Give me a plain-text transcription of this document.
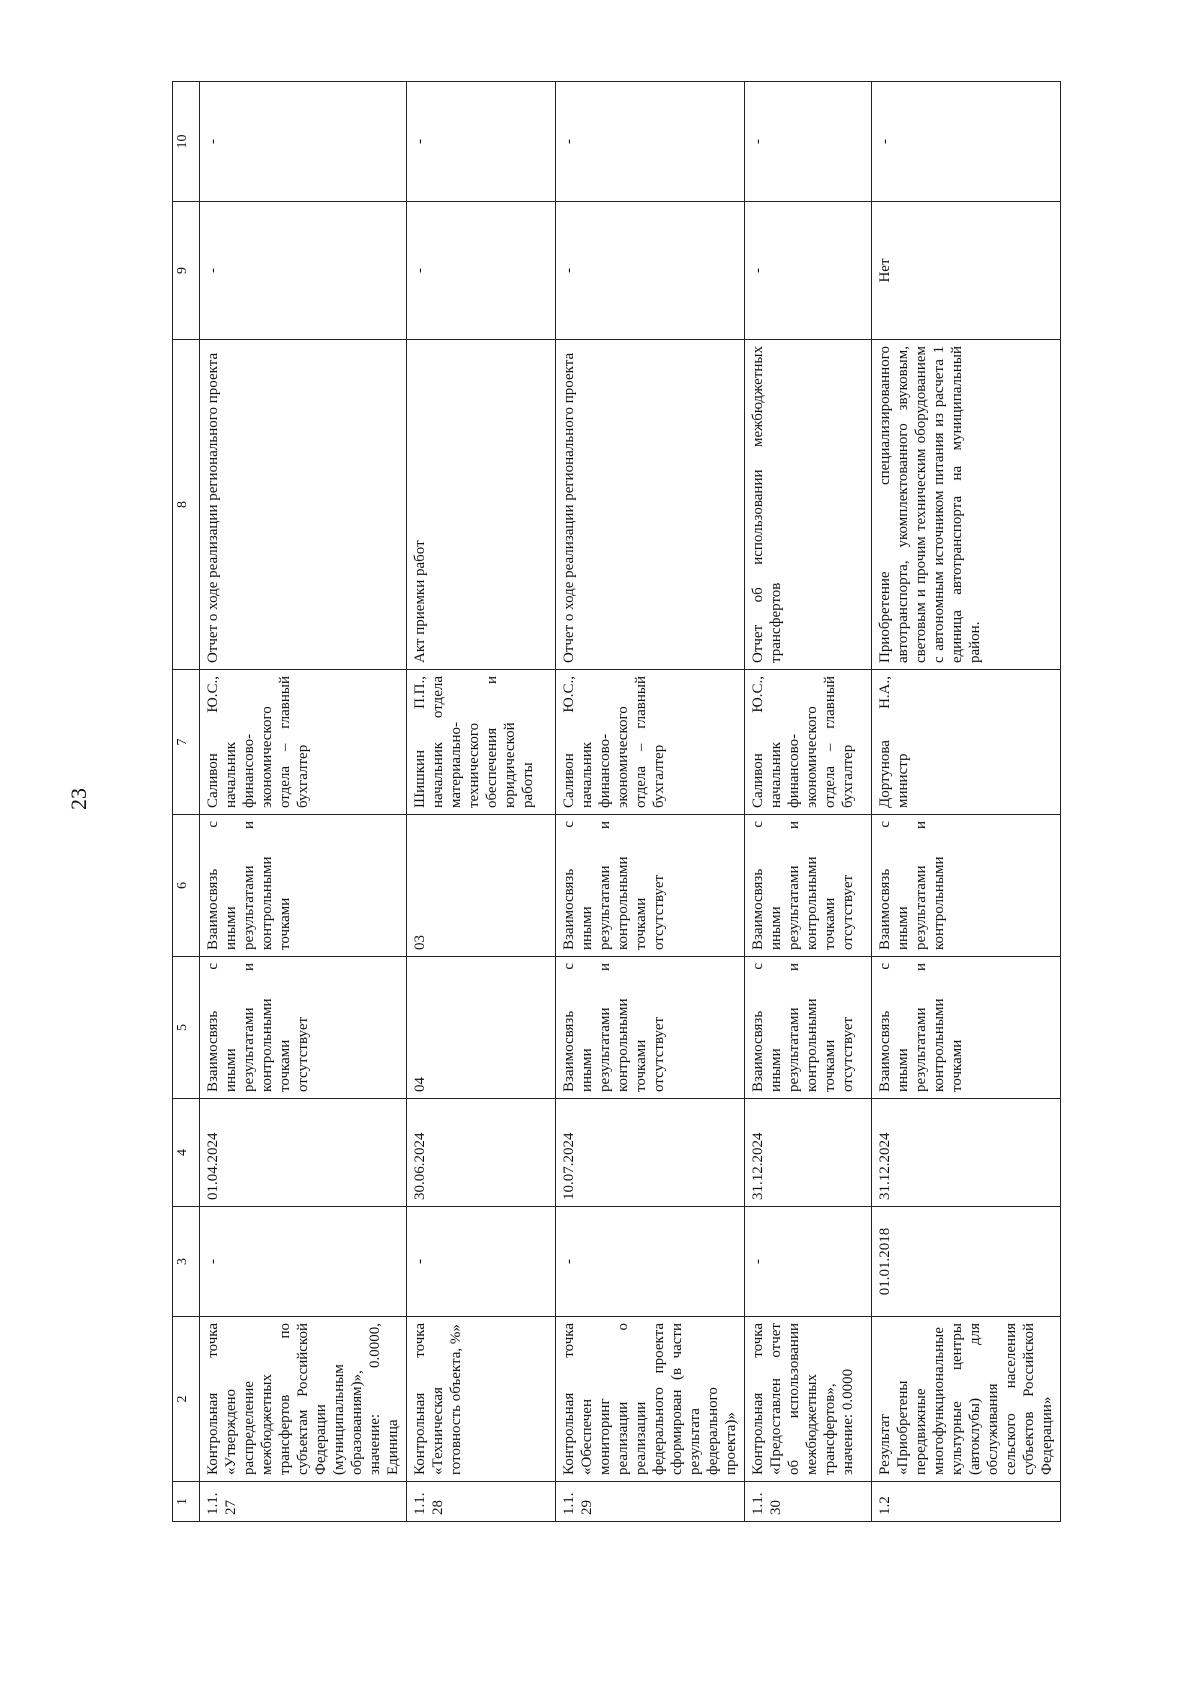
23
1	2	3	4	5	6	7	8	9	10
1.1.27	Контрольная точка «Утверждено распределение межбюджетных трансфертов по субъектам Российской Федерации (муниципальным образованиям)», значение: 0.0000, Единица	-	01.04.2024	Взаимосвязь с иными результатами и контрольными точками отсутствует	Взаимосвязь с иными результатами и контрольными точками	Саливон Ю.С., начальник финансово-экономического отдела – главный бухгалтер	Отчет о ходе реализации регионального проекта	-	-
1.1.28	Контрольная точка «Техническая готовность объекта, %»	-	30.06.2024	04	03	Шишкин П.П., начальник отдела материально-технического обеспечения и юридической работы	Акт приемки работ	-	-
1.1.29	Контрольная точка «Обеспечен мониторинг реализации о реализации федерального проекта сформирован (в части результата федерального проекта)»	-	10.07.2024	Взаимосвязь с иными результатами и контрольными точками отсутствует	Взаимосвязь с иными результатами и контрольными точками отсутствует	Саливон Ю.С., начальник финансово-экономического отдела – главный бухгалтер	Отчет о ходе реализации регионального проекта	-	-
1.1.30	Контрольная точка «Предоставлен отчет об использовании межбюджетных трансфертов», значение: 0.0000	-	31.12.2024	Взаимосвязь с иными результатами и контрольными точками отсутствует	Взаимосвязь с иными результатами и контрольными точками отсутствует	Саливон Ю.С., начальник финансово-экономического отдела – главный бухгалтер	Отчет об использовании межбюджетных трансфертов	-	-
1.2	Результат «Приобретены передвижные многофункциональные культурные центры (автоклубы) для обслуживания сельского населения субъектов Российской Федерации»	01.01.2018	31.12.2024	Взаимосвязь с иными результатами и контрольными точками	Взаимосвязь с иными результатами и контрольными	Дортунова Н.А., министр	Приобретение специализированного автотранспорта, укомплектованного звуковым, световым и прочим техническим оборудованием с автономным источником питания из расчета 1 единица автотранспорта на муниципальный район.	Нет	-
